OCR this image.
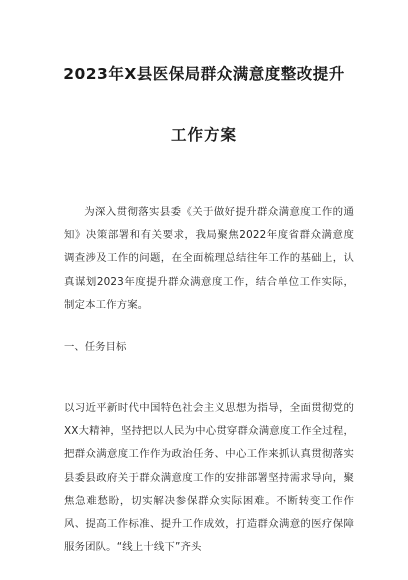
2023年X县医保局群众满意度整改提升
工作方案
为深入贯彻落实县委《关于做好提升群众满意度工作的通知》决策部署和有关要求，我局聚焦2022年度省群众满意度调查涉及工作的问题，在全面梳理总结往年工作的基础上，认真谋划2023年度提升群众满意度工作，结合单位工作实际，制定本工作方案。
一、任务目标
以习近平新时代中国特色社会主义思想为指导，全面贯彻党的XX大精神，坚持把以人民为中心贯穿群众满意度工作全过程，把群众满意度工作作为政治任务、中心工作来抓认真贯彻落实县委县政府关于群众满意度工作的安排部署坚持需求导向，聚焦急难愁盼，切实解决参保群众实际困难。不断转变工作作风、提高工作标准、提升工作成效，打造群众满意的医疗保障服务团队。“线上十线下”齐头
